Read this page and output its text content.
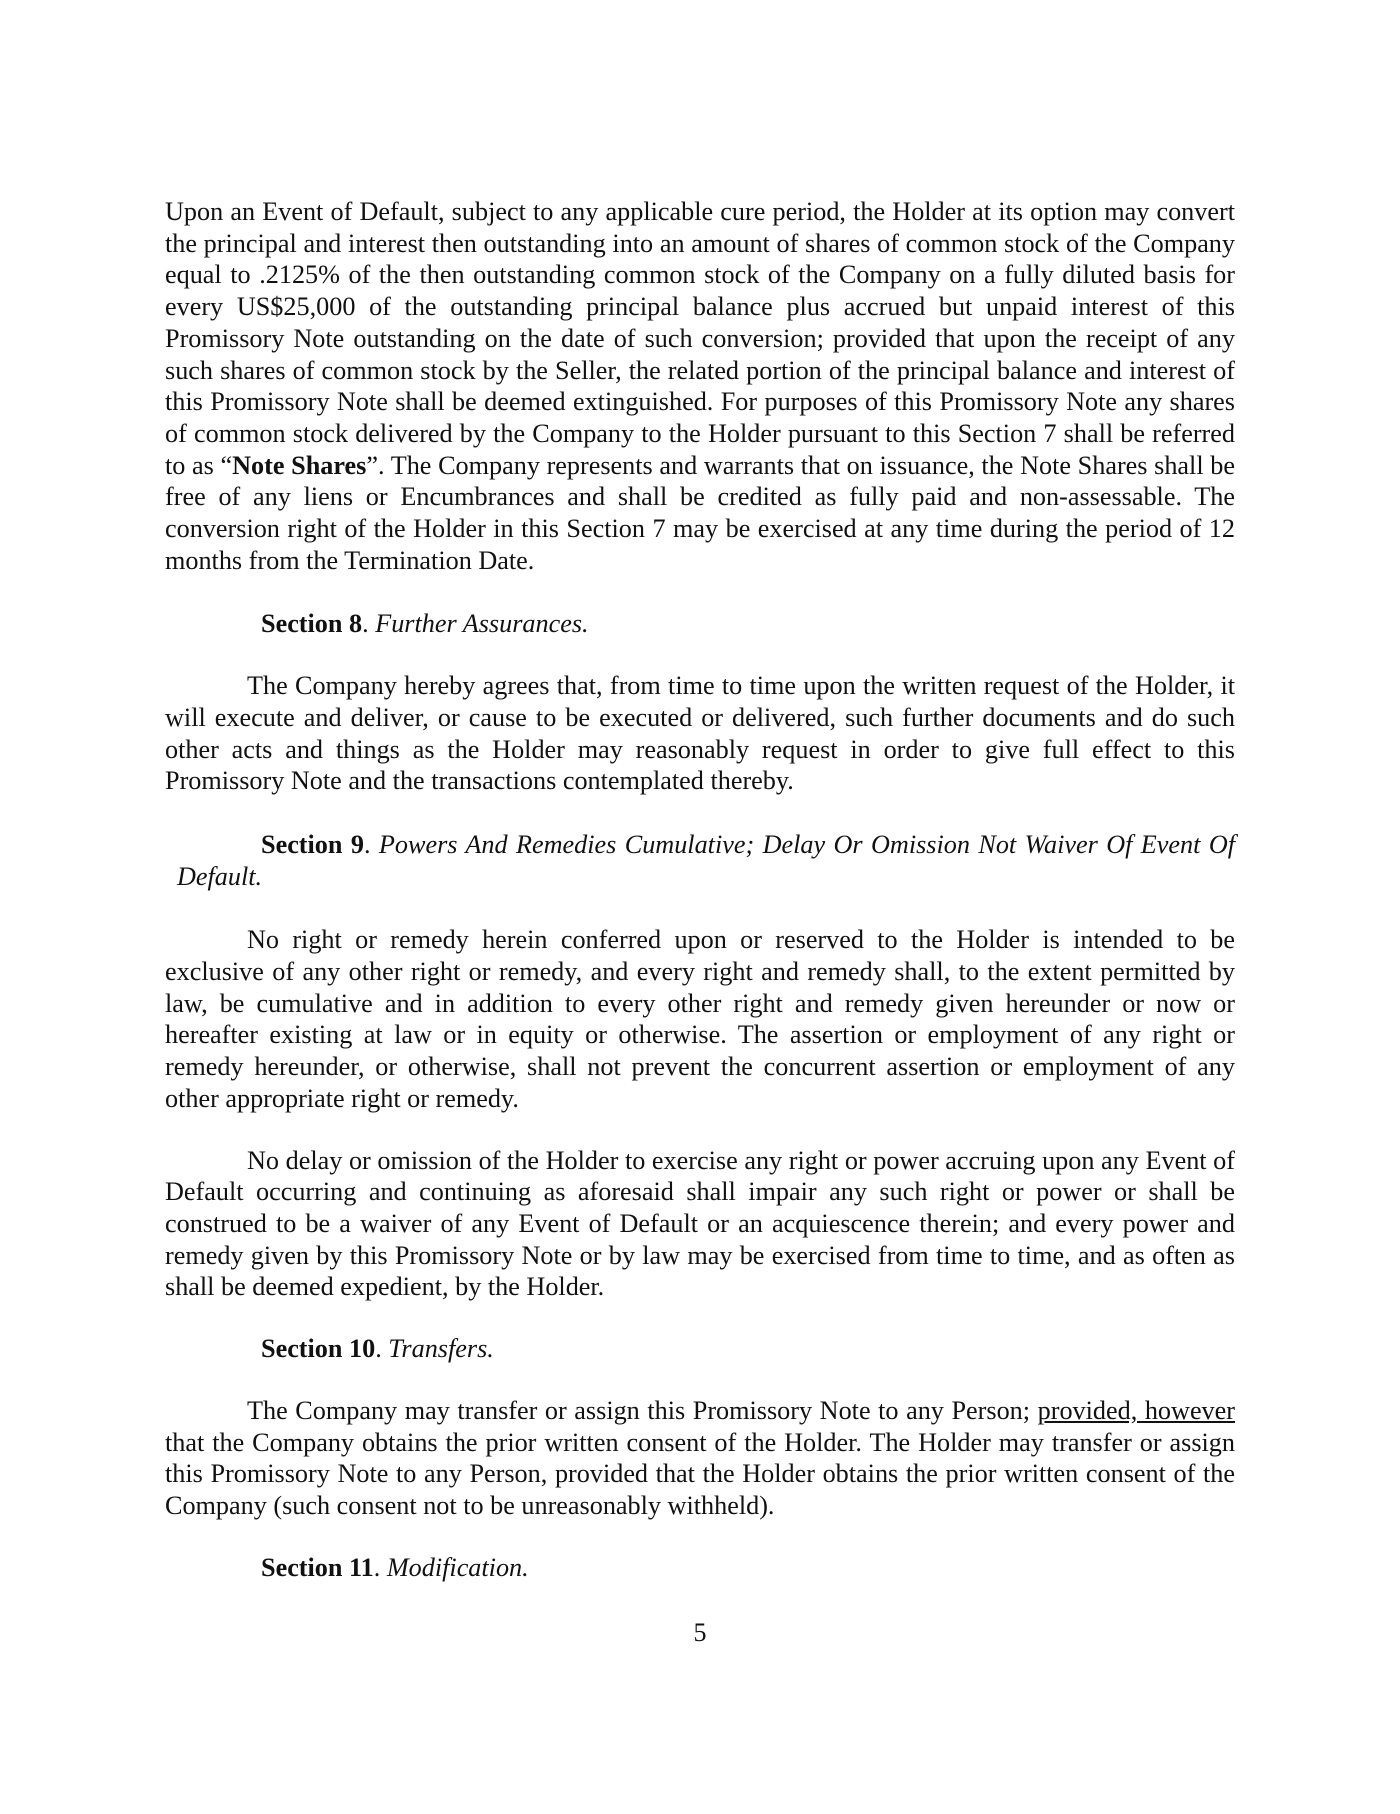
Upon an Event of Default, subject to any applicable cure period, the Holder at its option may convert the principal and interest then outstanding into an amount of shares of common stock of the Company equal to .2125% of the then outstanding common stock of the Company on a fully diluted basis for every US$25,000 of the outstanding principal balance plus accrued but unpaid interest of this Promissory Note outstanding on the date of such conversion; provided that upon the receipt of any such shares of common stock by the Seller, the related portion of the principal balance and interest of this Promissory Note shall be deemed extinguished. For purposes of this Promissory Note any shares of common stock delivered by the Company to the Holder pursuant to this Section 7 shall be referred to as “Note Shares”. The Company represents and warrants that on issuance, the Note Shares shall be free of any liens or Encumbrances and shall be credited as fully paid and non-assessable. The conversion right of the Holder in this Section 7 may be exercised at any time during the period of 12 months from the Termination Date.

Section 8. Further Assurances.

The Company hereby agrees that, from time to time upon the written request of the Holder, it will execute and deliver, or cause to be executed or delivered, such further documents and do such other acts and things as the Holder may reasonably request in order to give full effect to this Promissory Note and the transactions contemplated thereby.

Section 9. Powers And Remedies Cumulative; Delay Or Omission Not Waiver Of Event Of Default.

No right or remedy herein conferred upon or reserved to the Holder is intended to be exclusive of any other right or remedy, and every right and remedy shall, to the extent permitted by law, be cumulative and in addition to every other right and remedy given hereunder or now or hereafter existing at law or in equity or otherwise. The assertion or employment of any right or remedy hereunder, or otherwise, shall not prevent the concurrent assertion or employment of any other appropriate right or remedy.

No delay or omission of the Holder to exercise any right or power accruing upon any Event of Default occurring and continuing as aforesaid shall impair any such right or power or shall be construed to be a waiver of any Event of Default or an acquiescence therein; and every power and remedy given by this Promissory Note or by law may be exercised from time to time, and as often as shall be deemed expedient, by the Holder.

Section 10. Transfers.

The Company may transfer or assign this Promissory Note to any Person; provided, however that the Company obtains the prior written consent of the Holder. The Holder may transfer or assign this Promissory Note to any Person, provided that the Holder obtains the prior written consent of the Company (such consent not to be unreasonably withheld).

Section 11. Modification.

5
